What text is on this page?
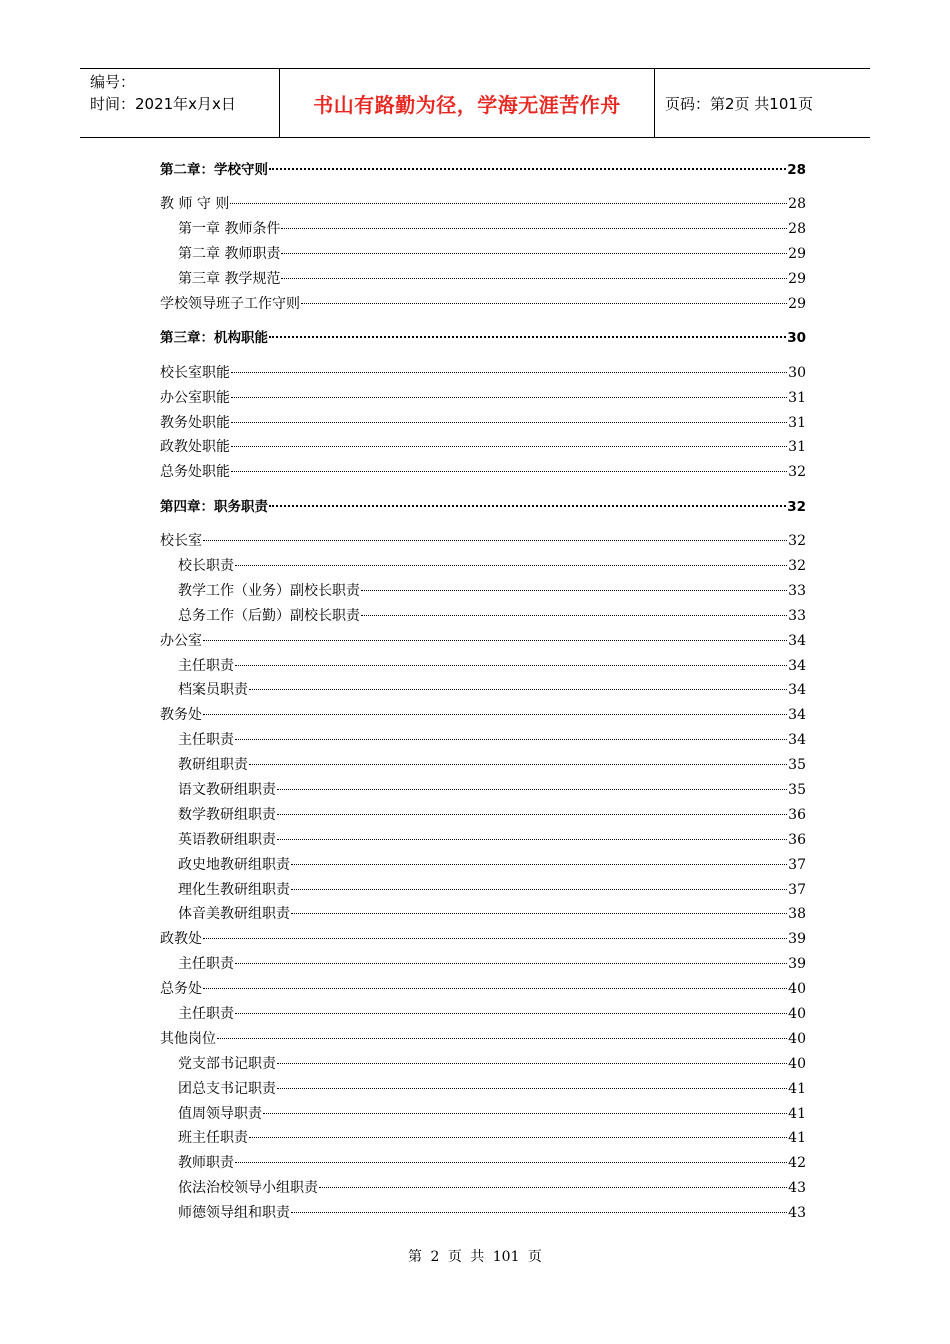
编号：
时间：2021年x月x日	书山有路勤为径，学海无涯苦作舟	页码：第2页 共101页
第二章：学校守则	28
教 师 守 则	28
第一章 教师条件	28
第二章 教师职责	29
第三章 教学规范	29
学校领导班子工作守则	29
第三章：机构职能	30
校长室职能	30
办公室职能	31
教务处职能	31
政教处职能	31
总务处职能	32
第四章：职务职责	32
校长室	32
校长职责	32
教学工作（业务）副校长职责	33
总务工作（后勤）副校长职责	33
办公室	34
主任职责	34
档案员职责	34
教务处	34
主任职责	34
教研组职责	35
语文教研组职责	35
数学教研组职责	36
英语教研组职责	36
政史地教研组职责	37
理化生教研组职责	37
体音美教研组职责	38
政教处	39
主任职责	39
总务处	40
主任职责	40
其他岗位	40
党支部书记职责	40
团总支书记职责	41
值周领导职责	41
班主任职责	41
教师职责	42
依法治校领导小组职责	43
师德领导组和职责	43
第 2 页 共 101 页
